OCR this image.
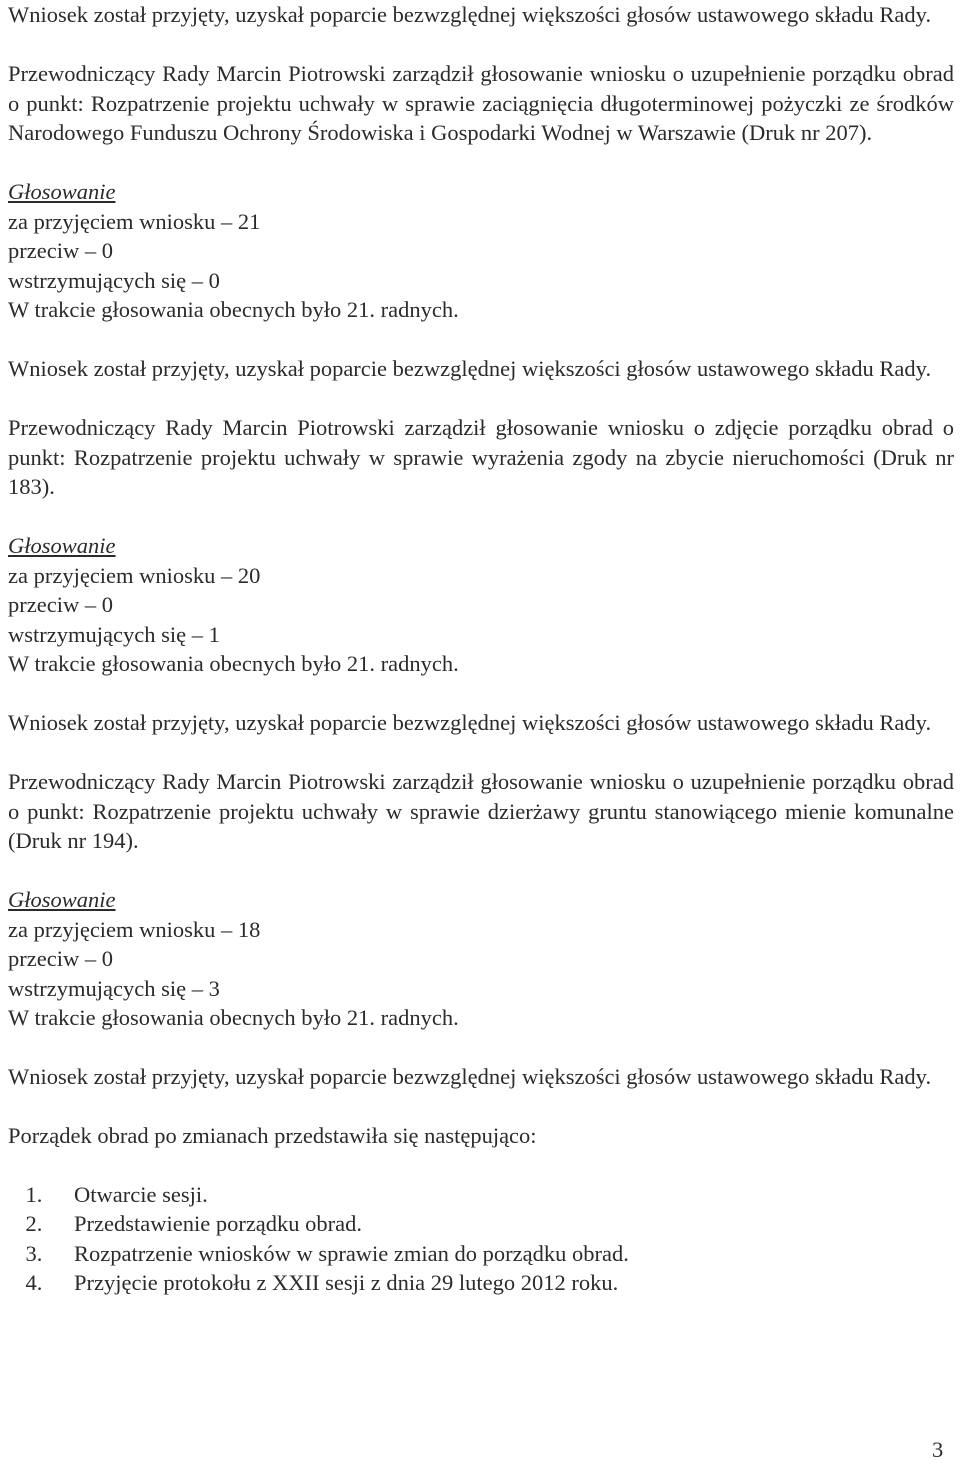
Wniosek został przyjęty, uzyskał poparcie bezwzględnej większości głosów ustawowego składu Rady.

Przewodniczący Rady Marcin Piotrowski zarządził głosowanie wniosku o uzupełnienie porządku obrad o punkt: Rozpatrzenie projektu uchwały w sprawie zaciągnięcia długoterminowej pożyczki ze środków Narodowego Funduszu Ochrony Środowiska i Gospodarki Wodnej w Warszawie (Druk nr 207).

Głosowanie

za przyjęciem wniosku – 21

przeciw – 0

wstrzymujących się – 0

W trakcie głosowania obecnych było 21. radnych.

Wniosek został przyjęty, uzyskał poparcie bezwzględnej większości głosów ustawowego składu Rady.

Przewodniczący Rady Marcin Piotrowski zarządził głosowanie wniosku o zdjęcie porządku obrad o punkt: Rozpatrzenie projektu uchwały w sprawie wyrażenia zgody na zbycie nieruchomości (Druk nr 183).

Głosowanie

za przyjęciem wniosku – 20

przeciw – 0

wstrzymujących się – 1

W trakcie głosowania obecnych było 21. radnych.

Wniosek został przyjęty, uzyskał poparcie bezwzględnej większości głosów ustawowego składu Rady.

Przewodniczący Rady Marcin Piotrowski zarządził głosowanie wniosku o uzupełnienie porządku obrad o punkt: Rozpatrzenie projektu uchwały w sprawie dzierżawy gruntu stanowiącego mienie komunalne (Druk nr 194).

Głosowanie

za przyjęciem wniosku – 18

przeciw – 0

wstrzymujących się – 3

W trakcie głosowania obecnych było 21. radnych.

Wniosek został przyjęty, uzyskał poparcie bezwzględnej większości głosów ustawowego składu Rady.

Porządek obrad po zmianach przedstawiła się następująco:

1. Otwarcie sesji.
2. Przedstawienie porządku obrad.
3. Rozpatrzenie wniosków w sprawie zmian do porządku obrad.
4. Przyjęcie protokołu z XXII sesji z dnia 29 lutego 2012 roku.
3
